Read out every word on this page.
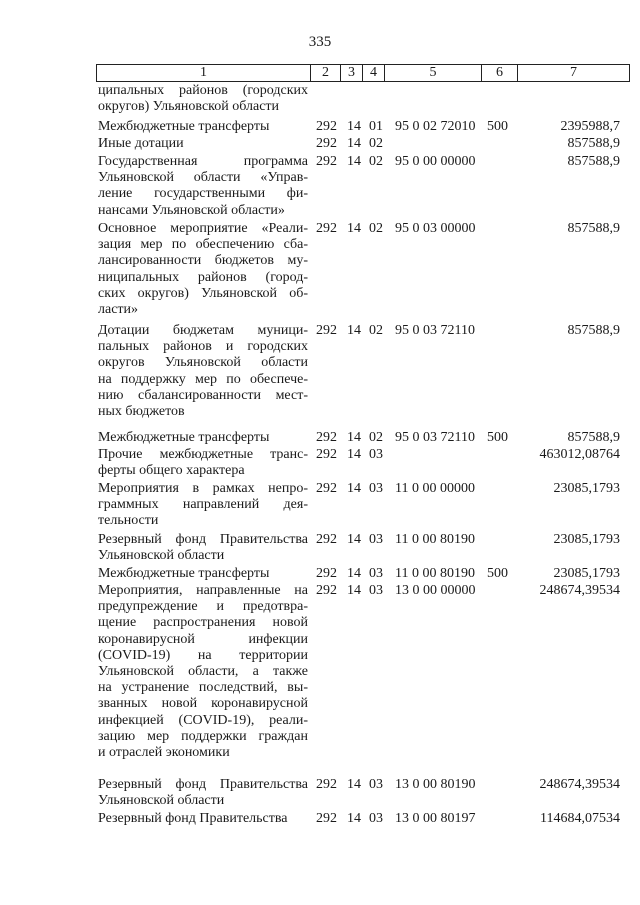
335
1	2	3	4	5	6	7
ципальных районов (городских
округов) Ульяновской области
Межбюджетные трансферты	292 14 01 95 0 02 72010 500	2395988,7
Иные дотации	292 14 02	857588,9
Государственная программа
Ульяновской области «Управ-
ление государственными фи-
нансами Ульяновской области»
292 14 02 95 0 00 00000	857588,9
Основное мероприятие «Реали-
зация мер по обеспечению сба-
лансированности бюджетов му-
ниципальных районов (город-
ских округов) Ульяновской об-
ласти»
292 14 02 95 0 03 00000	857588,9
Дотации бюджетам муници-
пальных районов и городских
округов Ульяновской области
на поддержку мер по обеспече-
нию сбалансированности мест-
ных бюджетов
292 14 02 95 0 03 72110	857588,9
Межбюджетные трансферты	292 14 02 95 0 03 72110 500	857588,9
Прочие межбюджетные транс-
ферты общего характера
292 14 03	463012,08764
Мероприятия в рамках непро-
граммных направлений дея-
тельности
292 14 03 11 0 00 00000	23085,1793
Резервный фонд Правительства
Ульяновской области
292 14 03 11 0 00 80190	23085,1793
Межбюджетные трансферты	292 14 03 11 0 00 80190 500	23085,1793
Мероприятия, направленные на
предупреждение и предотвра-
щение распространения новой
коронавирусной инфекции
(COVID-19) на территории
Ульяновской области, а также
на устранение последствий, вы-
званных новой коронавирусной
инфекцией (COVID-19), реали-
зацию мер поддержки граждан
и отраслей экономики
292 14 03 13 0 00 00000	248674,39534
Резервный фонд Правительства
Ульяновской области
292 14 03 13 0 00 80190	248674,39534
Резервный фонд Правительства	292 14 03 13 0 00 80197	114684,07534
